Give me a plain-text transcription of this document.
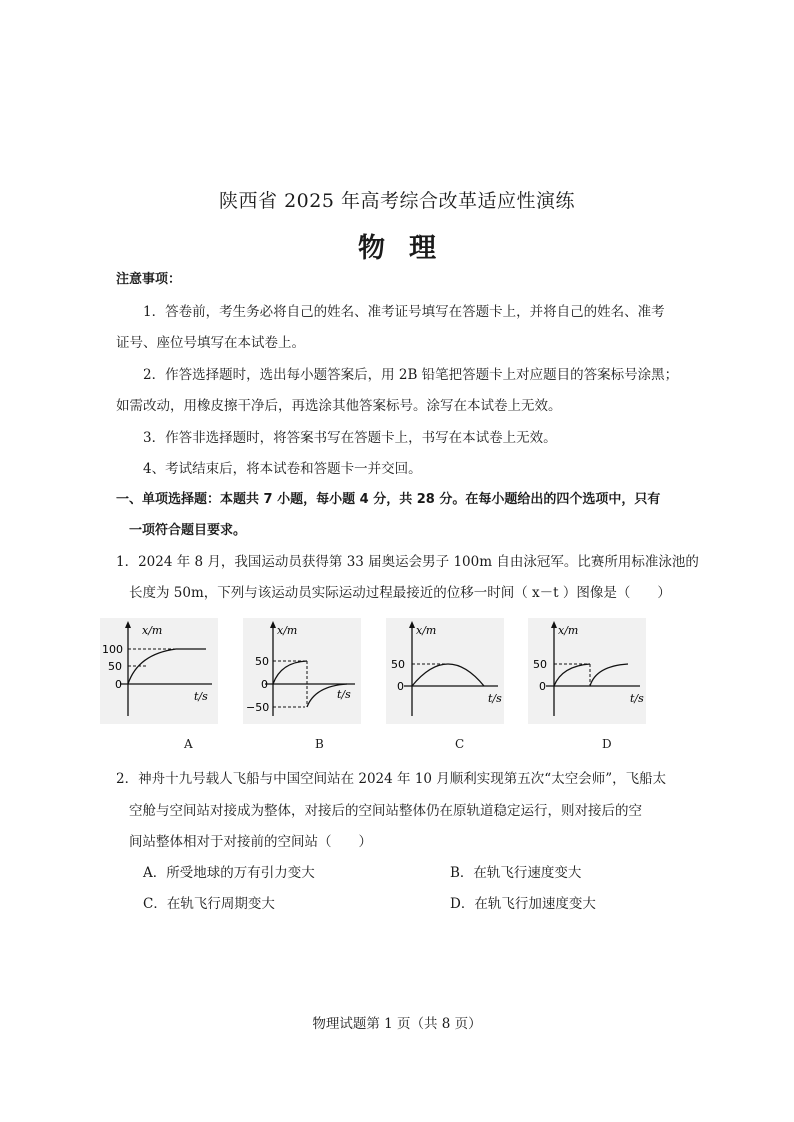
陕西省 2025 年高考综合改革适应性演练
物理
注意事项：
1．答卷前，考生务必将自己的姓名、准考证号填写在答题卡上，并将自己的姓名、准考
证号、座位号填写在本试卷上。
2．作答选择题时，选出每小题答案后，用 2B 铅笔把答题卡上对应题目的答案标号涂黑；
如需改动，用橡皮擦干净后，再选涂其他答案标号。涂写在本试卷上无效。
3．作答非选择题时，将答案书写在答题卡上，书写在本试卷上无效。
4、考试结束后，将本试卷和答题卡一并交回。
一、单项选择题：本题共 7 小题，每小题 4 分，共 28 分。在每小题给出的四个选项中，只有
一项符合题目要求。
1．2024 年 8 月，我国运动员获得第 33 届奥运会男子 100m 自由泳冠军。比赛所用标准泳池的
长度为 50m，下列与该运动员实际运动过程最接近的位移一时间（ x－t ）图像是（　　）
x/m
100
50
0
t/s
x/m
50
0
−50
t/s
x/m
50
0
t/s
x/m
50
0
t/s
A	B	C	D
2．神舟十九号载人飞船与中国空间站在 2024 年 10 月顺利实现第五次“太空会师”，飞船太
空舱与空间站对接成为整体，对接后的空间站整体仍在原轨道稳定运行，则对接后的空
间站整体相对于对接前的空间站（　　）
A．所受地球的万有引力变大	B．在轨飞行速度变大
C．在轨飞行周期变大	D．在轨飞行加速度变大
物理试题第 1 页（共 8 页）
